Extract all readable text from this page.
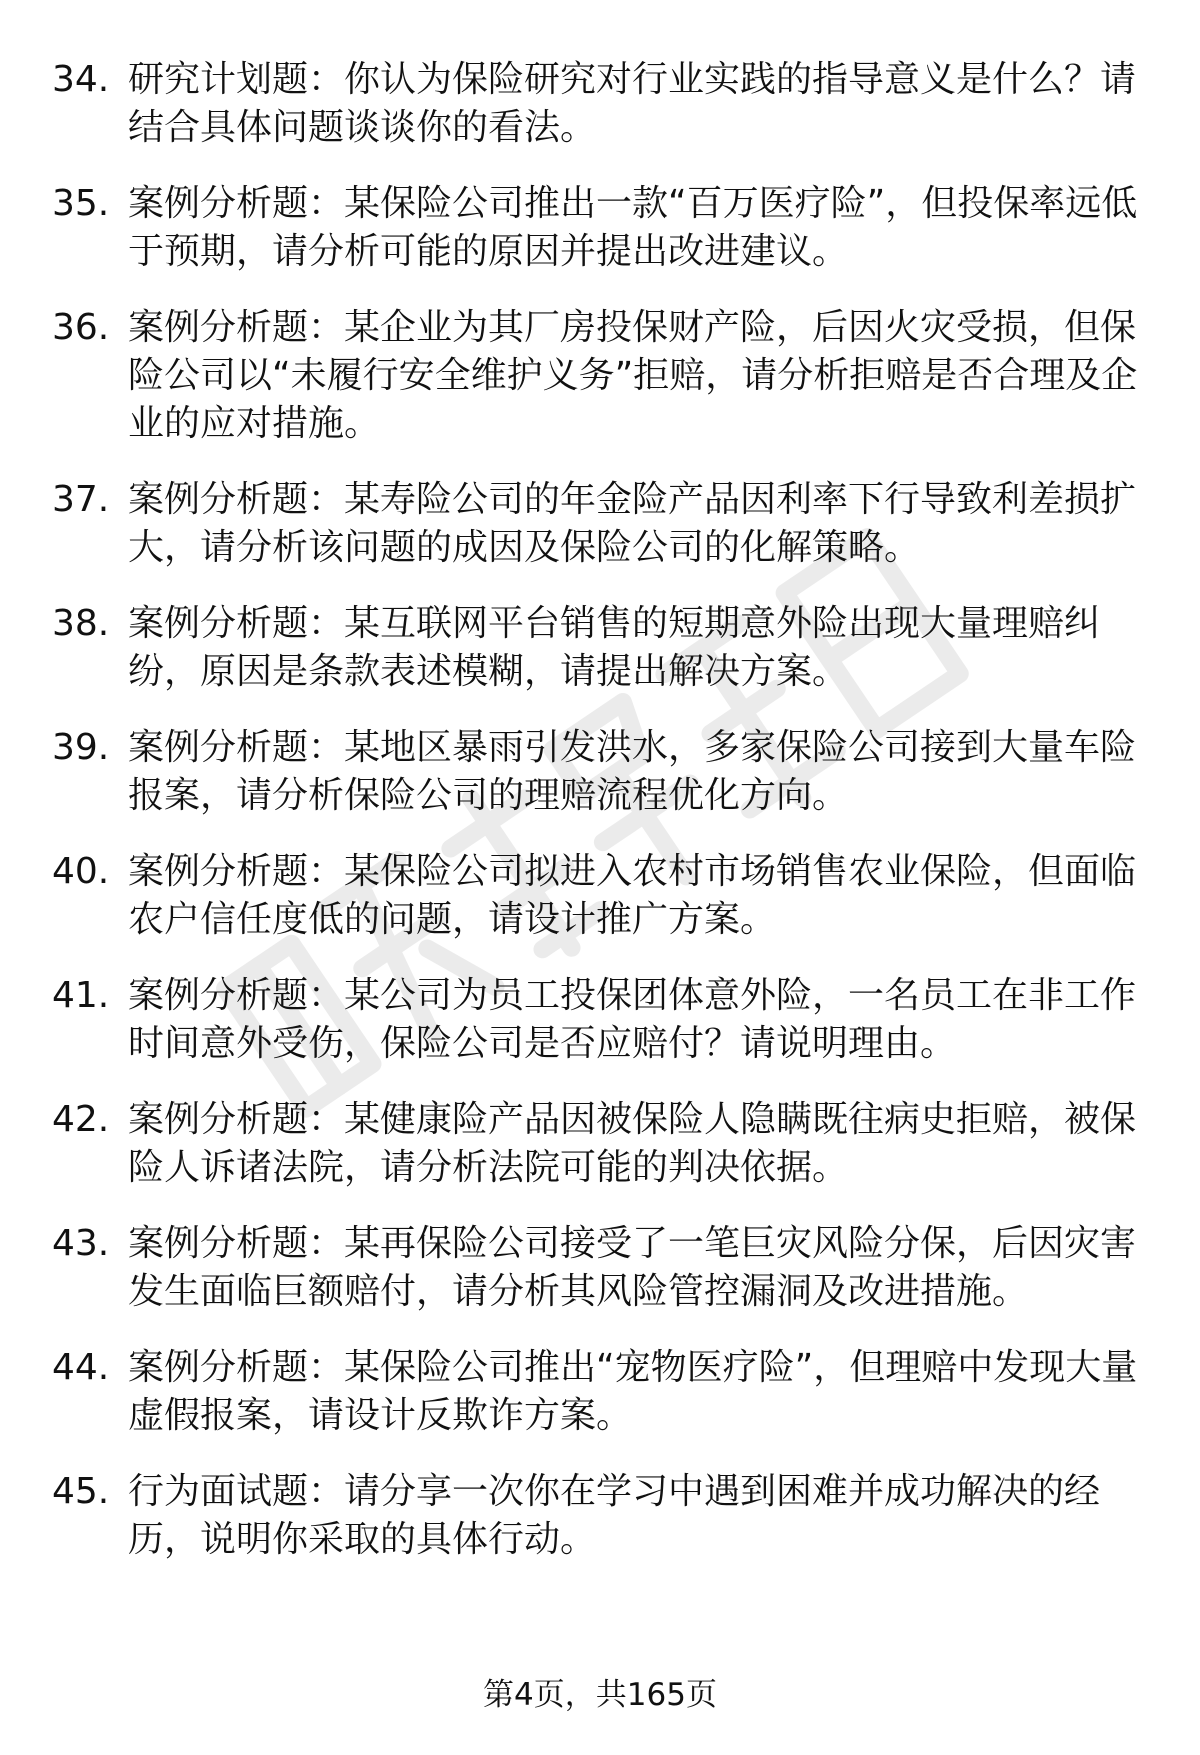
34. 研究计划题：你认为保险研究对行业实践的指导意义是什么？请结合具体问题谈谈你的看法。
35. 案例分析题：某保险公司推出一款“百万医疗险”，但投保率远低于预期，请分析可能的原因并提出改进建议。
36. 案例分析题：某企业为其厂房投保财产险，后因火灾受损，但保险公司以“未履行安全维护义务”拒赔，请分析拒赔是否合理及企业的应对措施。
37. 案例分析题：某寿险公司的年金险产品因利率下行导致利差损扩大，请分析该问题的成因及保险公司的化解策略。
38. 案例分析题：某互联网平台销售的短期意外险出现大量理赔纠纷，原因是条款表述模糊，请提出解决方案。
39. 案例分析题：某地区暴雨引发洪水，多家保险公司接到大量车险报案，请分析保险公司的理赔流程优化方向。
40. 案例分析题：某保险公司拟进入农村市场销售农业保险，但面临农户信任度低的问题，请设计推广方案。
41. 案例分析题：某公司为员工投保团体意外险，一名员工在非工作时间意外受伤，保险公司是否应赔付？请说明理由。
42. 案例分析题：某健康险产品因被保险人隐瞒既往病史拒赔，被保险人诉诸法院，请分析法院可能的判决依据。
43. 案例分析题：某再保险公司接受了一笔巨灾风险分保，后因灾害发生面临巨额赔付，请分析其风险管控漏洞及改进措施。
44. 案例分析题：某保险公司推出“宠物医疗险”，但理赔中发现大量虚假报案，请设计反欺诈方案。
45. 行为面试题：请分享一次你在学习中遇到困难并成功解决的经历，说明你采取的具体行动。
第4页，共165页
